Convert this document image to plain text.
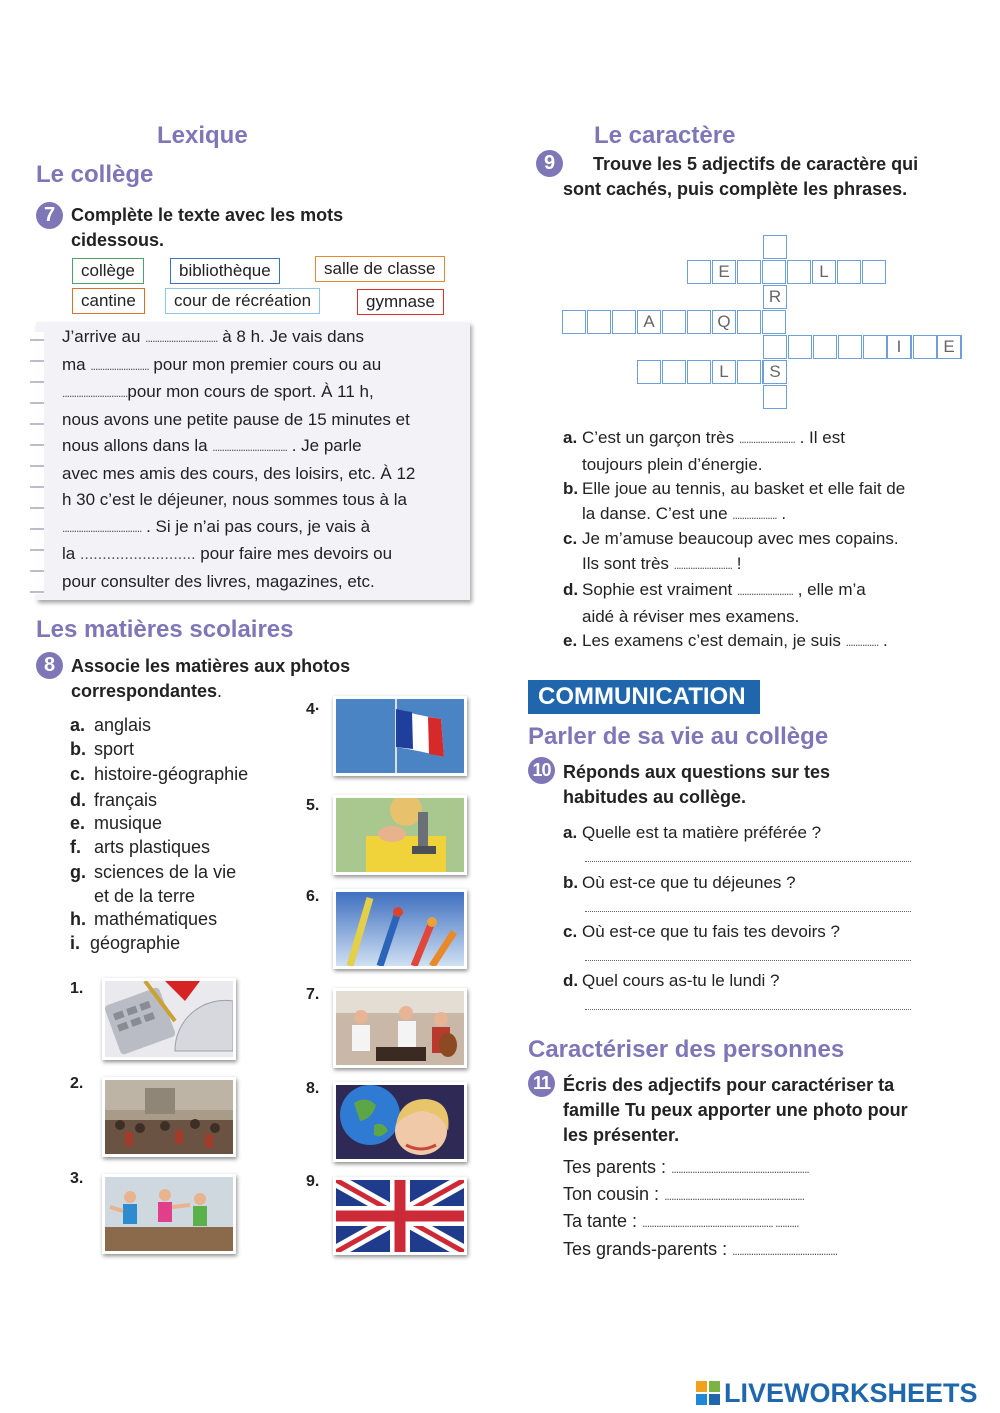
Lexique
Le collège
7 Complète le texte avec les mots
cidessous.
collège	bibliothèque	salle de classe
cantine	cour de récréation	gymnase
J’arrive au ............................... à 8 h. Je vais dans
ma ......................... pour mon premier cours ou au
............................pour mon cours de sport. À 11 h,
nous avons une petite pause de 15 minutes et
nous allons dans la ................................ . Je parle
avec mes amis des cours, des loisirs, etc. À 12
h 30 c’est le déjeuner, nous sommes tous à la
.................................. . Si je n’ai pas cours, je vais à
la .......................... pour faire mes devoirs ou
pour consulter des livres, magazines, etc.
Les matières scolaires
8 Associe les matières aux photos
correspondantes.
a. anglais
b. sport
c. histoire-géographie
d. français
e. musique
f. arts plastiques
g. sciences de la vie
et de la terre
h. mathématiques
i. géographie
1.
2.
3.
4·
5.
6.
7.
8.
9.
Le caractère
9	Trouve les 5 adjectifs de caractère qui
sont cachés, puis complète les phrases.
E	L
R
A	Q
I	E
L	S
a. C’est un garçon très ........................ . Il est
toujours plein d’énergie.
b. Elle joue au tennis, au basket et elle fait de
la danse. C’est une ................... .
c. Je m’amuse beaucoup avec mes copains.
Ils sont très ......................... !
d. Sophie est vraiment ........................ , elle m’a
aidé à réviser mes examens.
e. Les examens c’est demain, je suis .............. .
COMMUNICATION
Parler de sa vie au collège
10 Réponds aux questions sur tes
habitudes au collège.
a. Quelle est ta matière préférée ?
b. Où est-ce que tu déjeunes ?
c. Où est-ce que tu fais tes devoirs ?
d. Quel cours as-tu le lundi ?
Caractériser des personnes
11 Écris des adjectifs pour caractériser ta
famille Tu peux apporter une photo pour
les présenter.
Tes parents : ...........................................................
Ton cousin : ............................................................
Ta tante : ........................................................ ..........
Tes grands-parents : .............................................
LIVEWORKSHEETS
